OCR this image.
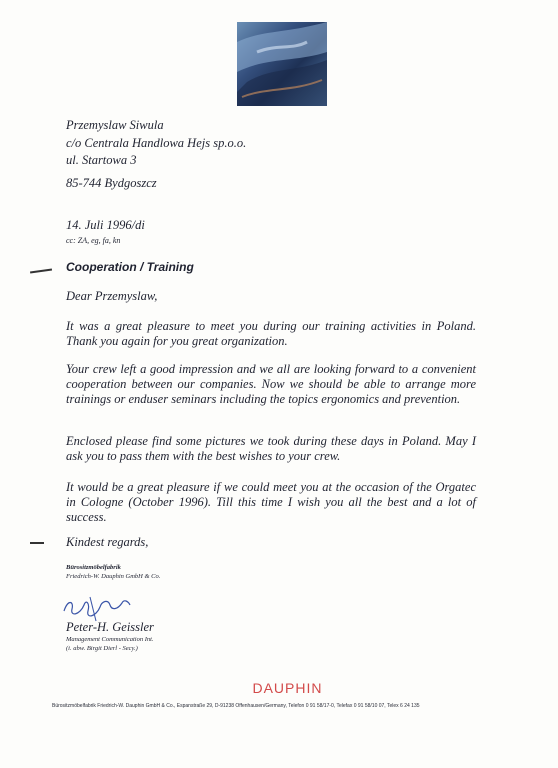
Przemyslaw Siwula
c/o Centrala Handlowa Hejs sp.o.o.
ul. Startowa 3
85-744 Bydgoszcz
14. Juli 1996/di
cc: ZA, eg, fa, kn
Cooperation / Training
Dear Przemyslaw,

It was a great pleasure to meet you during our training activities in Poland. Thank you again for you great organization.

Your crew left a good impression and we all are looking forward to a convenient cooperation between our companies. Now we should be able to arrange more trainings or enduser seminars including the topics ergonomics and prevention.

Enclosed please find some pictures we took during these days in Poland. May I ask you to pass them with the best wishes to your crew.

It would be a great pleasure if we could meet you at the occasion of the Orgatec in Cologne (October 1996). Till this time I wish you all the best and a lot of success.

Kindest regards,
Bürositzmöbelfabrik
Friedrich-W. Dauphin GmbH & Co.
Peter-H. Geissler
Management Communication Int.
(i. abw. Birgit Dierl - Secy.)
DAUPHIN
Bürositzmöbelfabrik Friedrich-W. Dauphin GmbH & Co., Espanstraße 29, D-91238 Offenhausen/Germany, Telefon 0 91 58/17-0, Telefax 0 91 58/10 07, Telex 6 24 135
